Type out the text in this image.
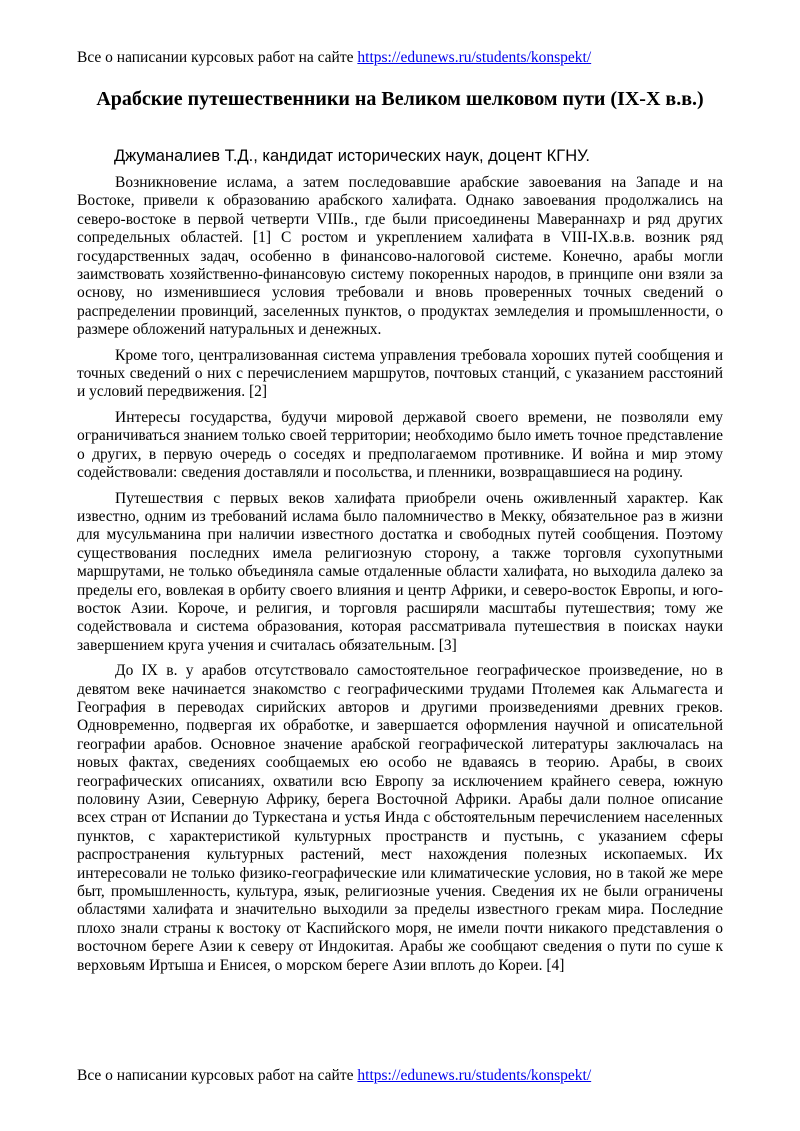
Все о написании курсовых работ на сайте https://edunews.ru/students/konspekt/
Арабские путешественники на Великом шелковом пути (IX-X в.в.)

Джуманалиев Т.Д., кандидат исторических наук, доцент КГНУ.

Возникновение ислама, а затем последовавшие арабские завоевания на Западе и на Востоке, привели к образованию арабского халифата. Однако завоевания продолжались на северо-востоке в первой четверти VIIIв., где были присоединены Мавераннахр и ряд других сопредельных областей. [1] С ростом и укреплением халифата в VIII-IX.в.в. возник ряд государственных задач, особенно в финансово-налоговой системе. Конечно, арабы могли заимствовать хозяйственно-финансовую систему покоренных народов, в принципе они взяли за основу, но изменившиеся условия требовали и вновь проверенных точных сведений о распределении провинций, заселенных пунктов, о продуктах земледелия и промышленности, о размере обложений натуральных и денежных.

Кроме того, централизованная система управления требовала хороших путей сообщения и точных сведений о них с перечислением маршрутов, почтовых станций, с указанием расстояний и условий передвижения. [2]

Интересы государства, будучи мировой державой своего времени, не позволяли ему ограничиваться знанием только своей территории; необходимо было иметь точное представление о других, в первую очередь о соседях и предполагаемом противнике. И война и мир этому содействовали: сведения доставляли и посольства, и пленники, возвращавшиеся на родину.

Путешествия с первых веков халифата приобрели очень оживленный характер. Как известно, одним из требований ислама было паломничество в Мекку, обязательное раз в жизни для мусульманина при наличии известного достатка и свободных путей сообщения. Поэтому существования последних имела религиозную сторону, а также торговля сухопутными маршрутами, не только объединяла самые отдаленные области халифата, но выходила далеко за пределы его, вовлекая в орбиту своего влияния и центр Африки, и северо-восток Европы, и юго-восток Азии. Короче, и религия, и торговля расширяли масштабы путешествия; тому же содействовала и система образования, которая рассматривала путешествия в поисках науки завершением круга учения и считалась обязательным. [3]

До IX в. у арабов отсутствовало самостоятельное географическое произведение, но в девятом веке начинается знакомство с географическими трудами Птолемея как Альмагеста и География в переводах сирийских авторов и другими произведениями древних греков. Одновременно, подвергая их обработке, и завершается оформления научной и описательной географии арабов. Основное значение арабской географической литературы заключалась на новых фактах, сведениях сообщаемых ею особо не вдаваясь в теорию. Арабы, в своих географических описаниях, охватили всю Европу за исключением крайнего севера, южную половину Азии, Северную Африку, берега Восточной Африки. Арабы дали полное описание всех стран от Испании до Туркестана и устья Инда с обстоятельным перечислением населенных пунктов, с характеристикой культурных пространств и пустынь, с указанием сферы распространения культурных растений, мест нахождения полезных ископаемых. Их интересовали не только физико-географические или климатические условия, но в такой же мере быт, промышленность, культура, язык, религиозные учения. Сведения их не были ограничены областями халифата и значительно выходили за пределы известного грекам мира. Последние плохо знали страны к востоку от Каспийского моря, не имели почти никакого представления о восточном береге Азии к северу от Индокитая. Арабы же сообщают сведения о пути по суше к верховьям Иртыша и Енисея, о морском береге Азии вплоть до Кореи. [4]

Все о написании курсовых работ на сайте https://edunews.ru/students/konspekt/
